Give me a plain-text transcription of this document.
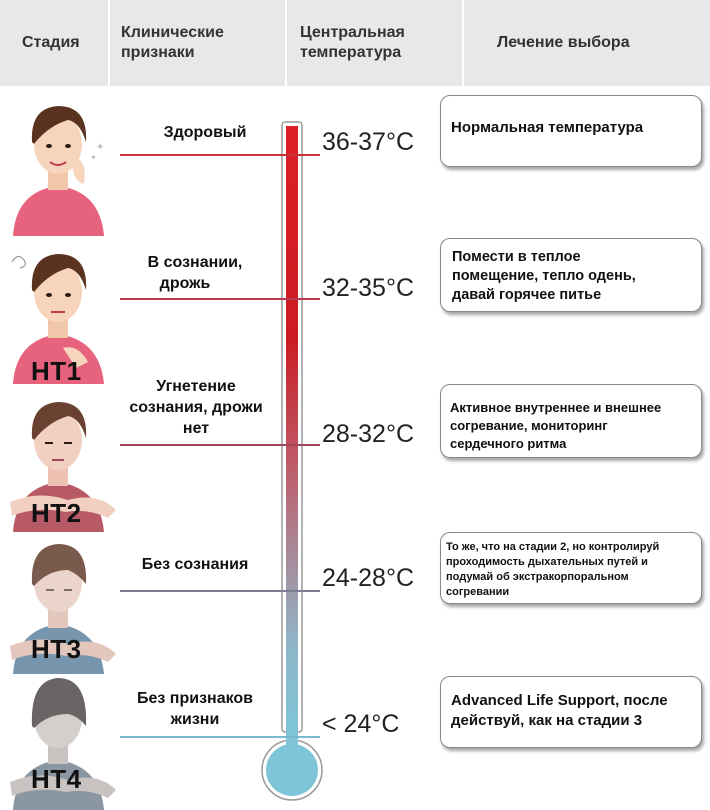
Стадия
Клинические
признаки
Центральная
температура
Лечение выбора
✦
✦
HT1
HT2
HT3
HT4
Здоровый
В сознании,
дрожь
Угнетение
сознания, дрожи
нет
Без сознания
Без признаков
жизни
36-37°C
32-35°C
28-32°C
24-28°C
< 24°C
Нормальная температура
Помести в теплое
помещение, тепло одень,
давай горячее питье
Активное внутреннее и внешнее
согревание, мониторинг
сердечного ритма
То же, что на стадии 2, но контролируй
проходимость дыхательных путей и
подумай об экстракорпоральном
согревании
Advanced Life Support, после
действуй, как на стадии 3
